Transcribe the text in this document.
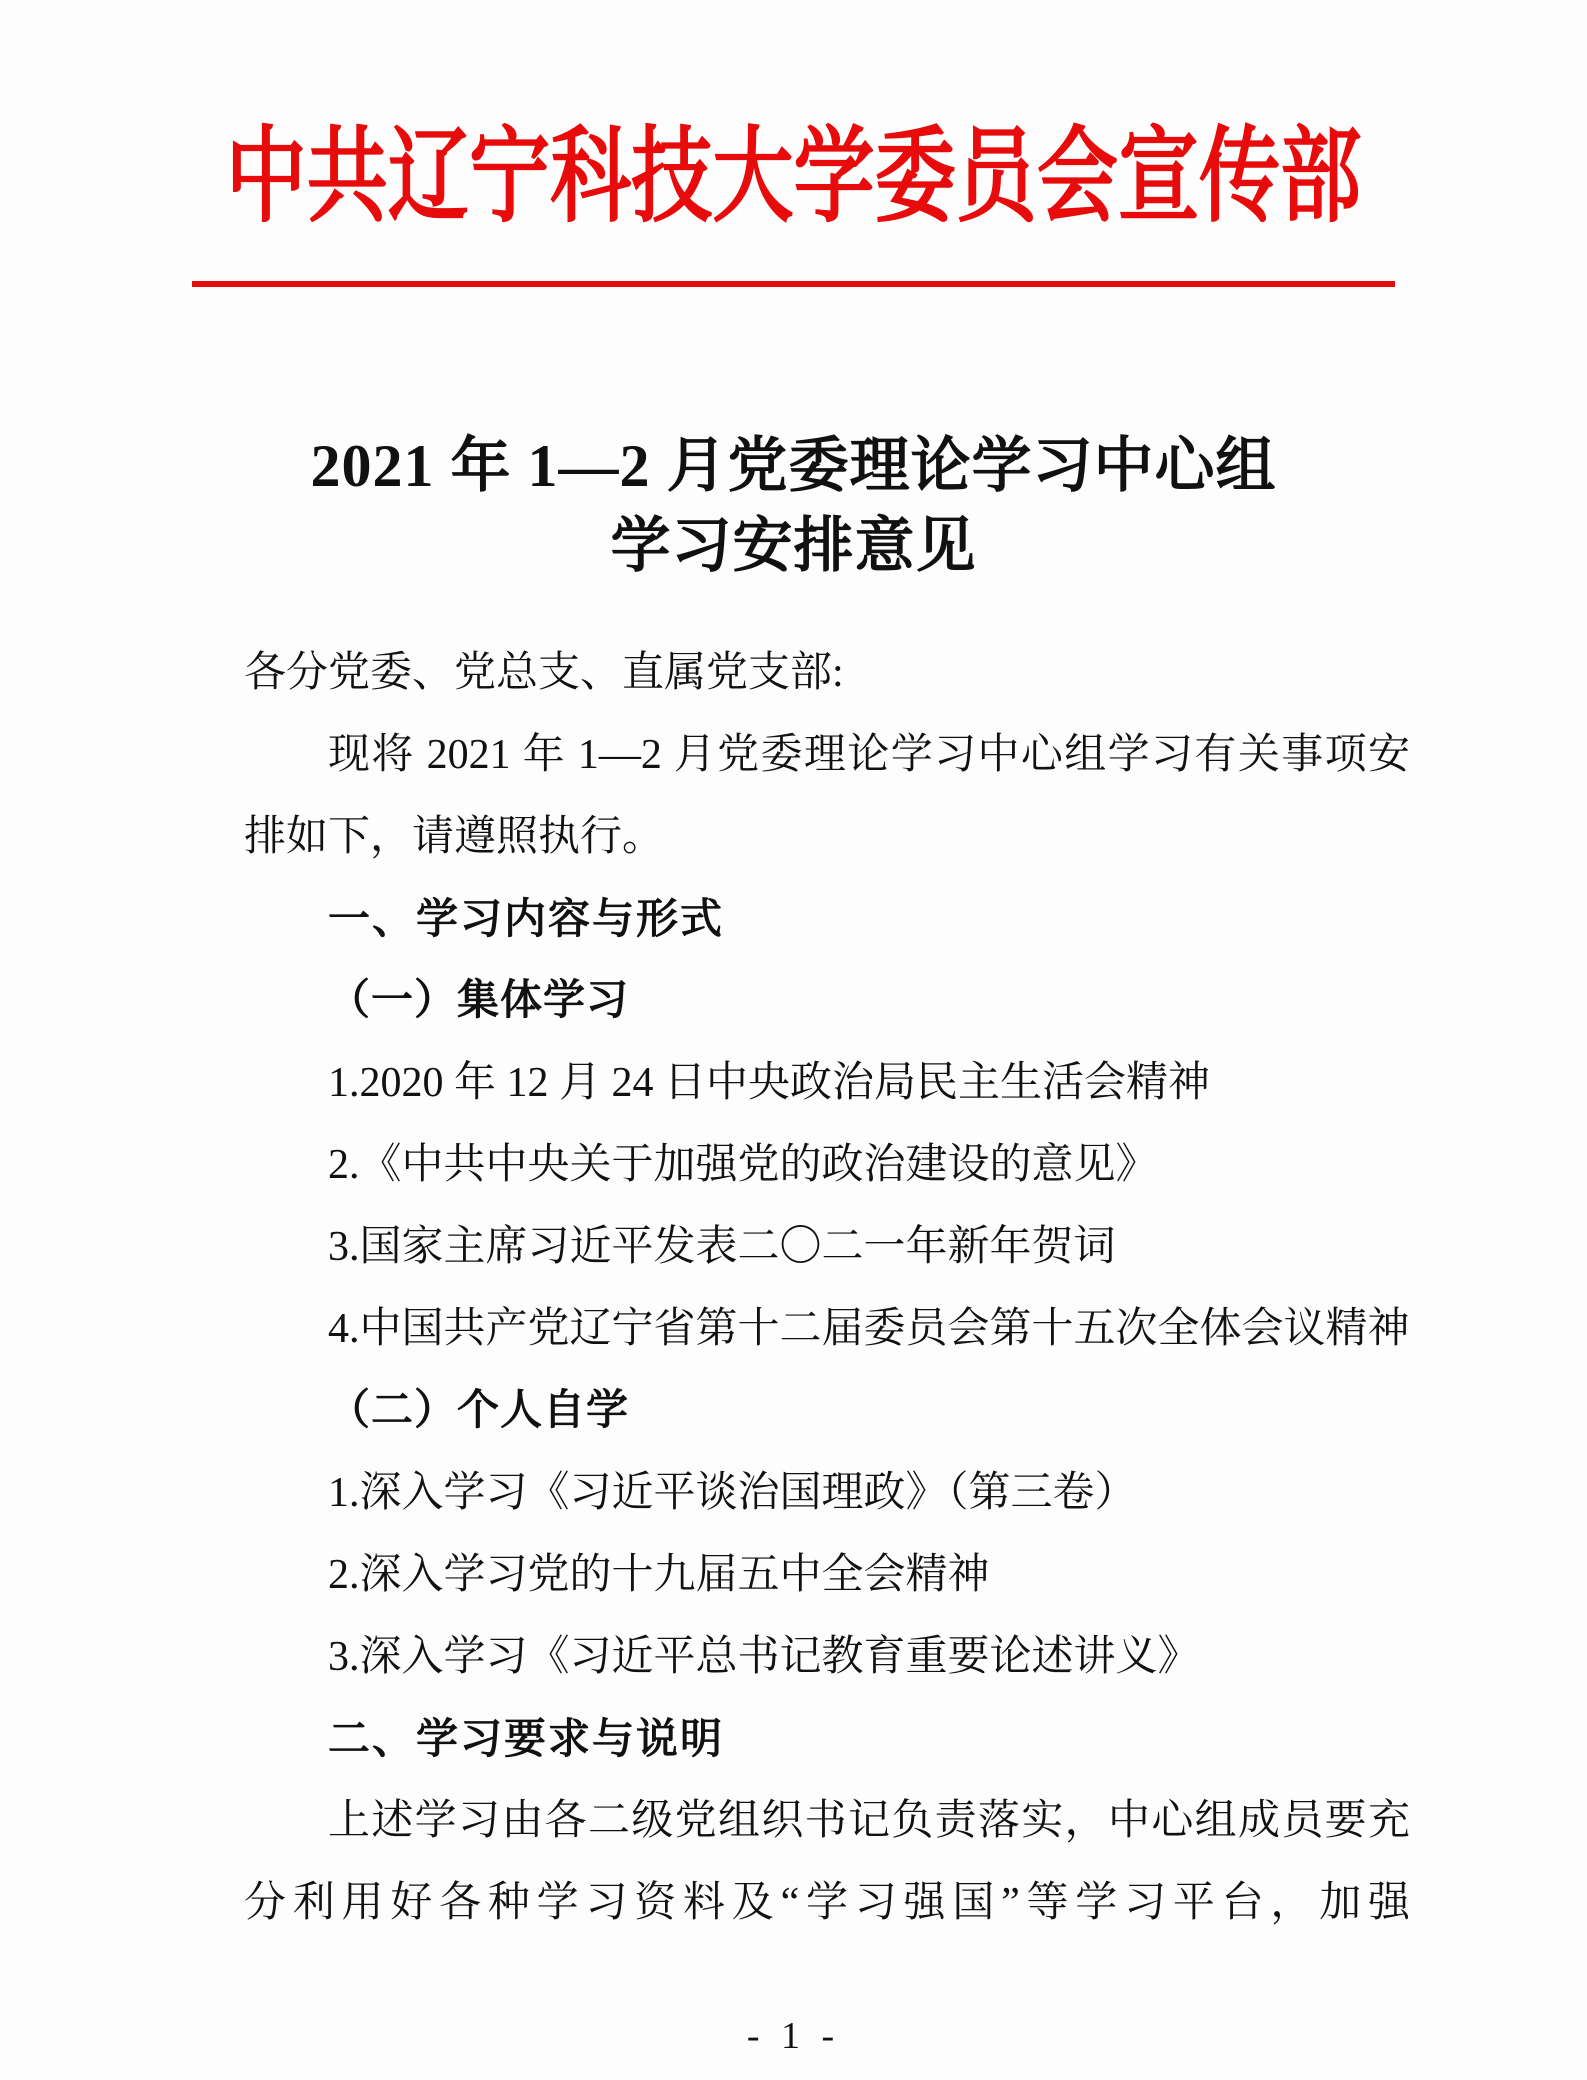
中共辽宁科技大学委员会宣传部
2021 年 1—2 月党委理论学习中心组
学习安排意见
各分党委、党总支、直属党支部:
现将 2021 年 1—2 月党委理论学习中心组学习有关事项安排如下，请遵照执行。
一、学习内容与形式
（一）集体学习
1.2020 年 12 月 24 日中央政治局民主生活会精神
2.《中共中央关于加强党的政治建设的意见》
3.国家主席习近平发表二〇二一年新年贺词
4.中国共产党辽宁省第十二届委员会第十五次全体会议精神
（二）个人自学
1.深入学习《习近平谈治国理政》（第三卷）
2.深入学习党的十九届五中全会精神
3.深入学习《习近平总书记教育重要论述讲义》
二、学习要求与说明
上述学习由各二级党组织书记负责落实，中心组成员要充分利用好各种学习资料及“学习强国”等学习平台，加强
- 1 -
